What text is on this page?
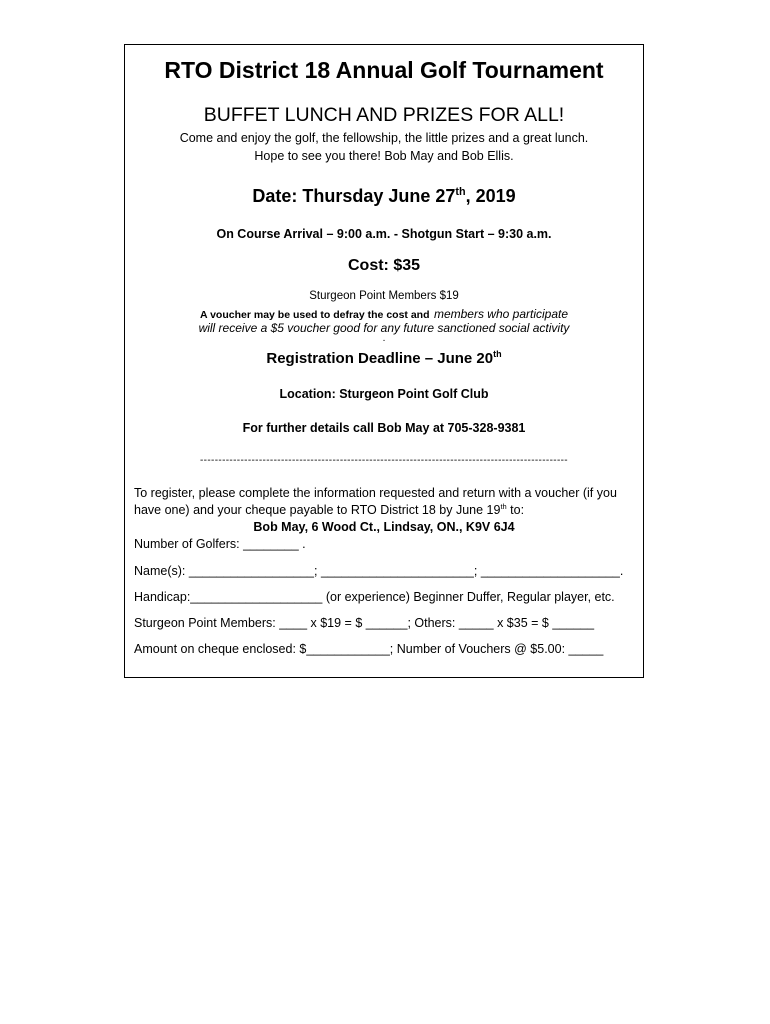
RTO District 18 Annual Golf Tournament
BUFFET LUNCH AND PRIZES FOR ALL!
Come and enjoy the golf, the fellowship, the little prizes and a great lunch.
Hope to see you there! Bob May and Bob Ellis.
Date: Thursday June 27th, 2019
On Course Arrival – 9:00 a.m. - Shotgun Start – 9:30 a.m.
Cost: $35
Sturgeon Point Members $19
A voucher may be used to defray the cost and members who participate
will receive a $5 voucher good for any future sanctioned social activity
.
Registration Deadline – June 20th
Location: Sturgeon Point Golf Club
For further details call Bob May at 705-328-9381
----------------------------------------------------------------------------------------------------
To register, please complete the information requested and return with a voucher (if you
have one) and your cheque payable to RTO District 18 by June 19th to:
Bob May, 6 Wood Ct., Lindsay, ON., K9V 6J4
Number of Golfers: ________ .
Name(s): __________________; ______________________; ____________________.
Handicap:___________________ (or experience) Beginner Duffer, Regular player, etc.
Sturgeon Point Members: ____ x $19 = $ ______; Others: _____ x $35 = $ ______
Amount on cheque enclosed: $____________; Number of Vouchers @ $5.00: _____
